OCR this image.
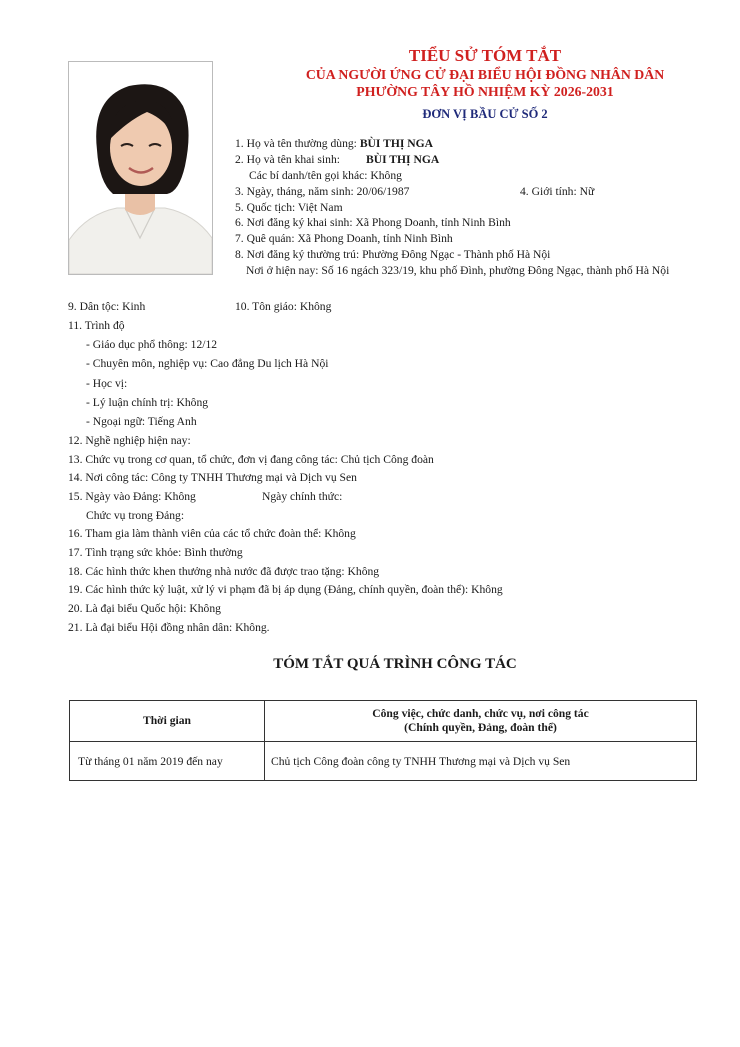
TIỂU SỬ TÓM TẮT
CỦA NGƯỜI ỨNG CỬ ĐẠI BIỂU HỘI ĐỒNG NHÂN DÂN
PHƯỜNG TÂY HỒ NHIỆM KỲ 2026-2031
ĐƠN VỊ BẦU CỬ SỐ 2
1. Họ và tên thường dùng: BÙI THỊ NGA
2. Họ và tên khai sinh: BÙI THỊ NGA
Các bí danh/tên gọi khác: Không
3. Ngày, tháng, năm sinh: 20/06/1987	4. Giới tính: Nữ
5. Quốc tịch: Việt Nam
6. Nơi đăng ký khai sinh: Xã Phong Doanh, tỉnh Ninh Bình
7. Quê quán: Xã Phong Doanh, tỉnh Ninh Bình
8. Nơi đăng ký thường trú: Phường Đông Ngạc - Thành phố Hà Nội
Nơi ở hiện nay: Số 16 ngách 323/19, khu phố Đình, phường Đông Ngạc, thành phố Hà Nội
9. Dân tộc: Kinh	10. Tôn giáo: Không
11. Trình độ
- Giáo dục phổ thông: 12/12
- Chuyên môn, nghiệp vụ: Cao đẳng Du lịch Hà Nội
- Học vị:
- Lý luận chính trị: Không
- Ngoại ngữ: Tiếng Anh
12. Nghề nghiệp hiện nay:
13. Chức vụ trong cơ quan, tổ chức, đơn vị đang công tác: Chủ tịch Công đoàn
14. Nơi công tác: Công ty TNHH Thương mại và Dịch vụ Sen
15. Ngày vào Đảng: Không	Ngày chính thức:
Chức vụ trong Đảng:
16. Tham gia làm thành viên của các tổ chức đoàn thể: Không
17. Tình trạng sức khỏe: Bình thường
18. Các hình thức khen thưởng nhà nước đã được trao tặng: Không
19. Các hình thức kỷ luật, xử lý vi phạm đã bị áp dụng (Đảng, chính quyền, đoàn thể): Không
20. Là đại biểu Quốc hội: Không
21. Là đại biểu Hội đồng nhân dân: Không.
TÓM TẮT QUÁ TRÌNH CÔNG TÁC
Thời gian	Công việc, chức danh, chức vụ, nơi công tác
(Chính quyền, Đảng, đoàn thể)

Từ tháng 01 năm 2019 đến nay	Chủ tịch Công đoàn công ty TNHH Thương mại và Dịch vụ Sen
